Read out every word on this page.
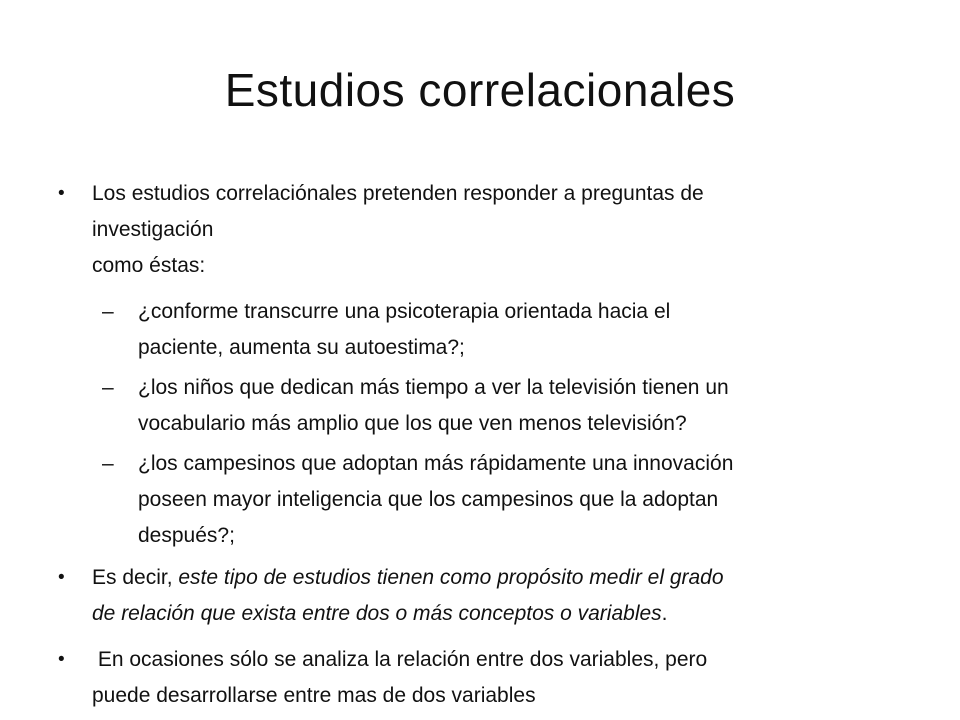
Estudios correlacionales
• Los estudios correlaciónales pretenden responder a preguntas de
investigación
como éstas:

– ¿conforme transcurre una psicoterapia orientada hacia el
paciente, aumenta su autoestima?;

– ¿los niños que dedican más tiempo a ver la televisión tienen un
vocabulario más amplio que los que ven menos televisión?

– ¿los campesinos que adoptan más rápidamente una innovación
poseen mayor inteligencia que los campesinos que la adoptan
después?;

• Es decir, este tipo de estudios tienen como propósito medir el grado
de relación que exista entre dos o más conceptos o variables.

• En ocasiones sólo se analiza la relación entre dos variables, pero
puede desarrollarse entre mas de dos variables
